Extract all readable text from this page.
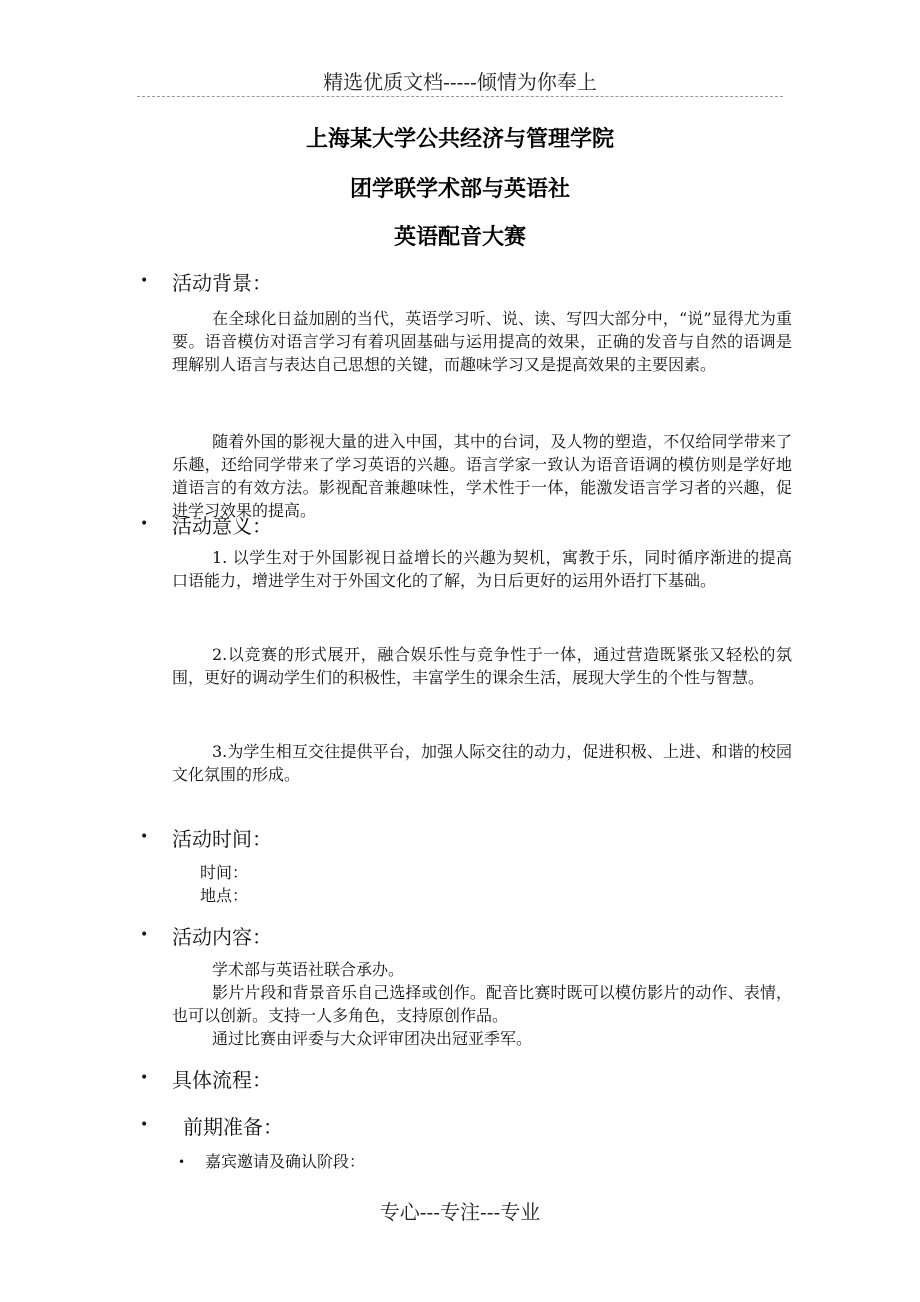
精选优质文档-----倾情为你奉上
上海某大学公共经济与管理学院
团学联学术部与英语社
英语配音大赛
• 活动背景：

在全球化日益加剧的当代，英语学习听、说、读、写四大部分中，“说”显得尤为重要。语音模仿对语言学习有着巩固基础与运用提高的效果，正确的发音与自然的语调是理解别人语言与表达自己思想的关键，而趣味学习又是提高效果的主要因素。

随着外国的影视大量的进入中国，其中的台词，及人物的塑造，不仅给同学带来了乐趣，还给同学带来了学习英语的兴趣。语言学家一致认为语音语调的模仿则是学好地道语言的有效方法。影视配音兼趣味性，学术性于一体，能激发语言学习者的兴趣，促进学习效果的提高。

• 活动意义：

1. 以学生对于外国影视日益增长的兴趣为契机，寓教于乐，同时循序渐进的提高口语能力，增进学生对于外国文化的了解，为日后更好的运用外语打下基础。

2.以竞赛的形式展开，融合娱乐性与竞争性于一体，通过营造既紧张又轻松的氛围，更好的调动学生们的积极性，丰富学生的课余生活，展现大学生的个性与智慧。

3.为学生相互交往提供平台，加强人际交往的动力，促进积极、上进、和谐的校园文化氛围的形成。

• 活动时间：
时间：
地点：
• 活动内容：

学术部与英语社联合承办。

影片片段和背景音乐自己选择或创作。配音比赛时既可以模仿影片的动作、表情，也可以创新。支持一人多角色，支持原创作品。

通过比赛由评委与大众评审团决出冠亚季军。

• 具体流程：
• 前期准备：
• 嘉宾邀请及确认阶段：
专心---专注---专业
